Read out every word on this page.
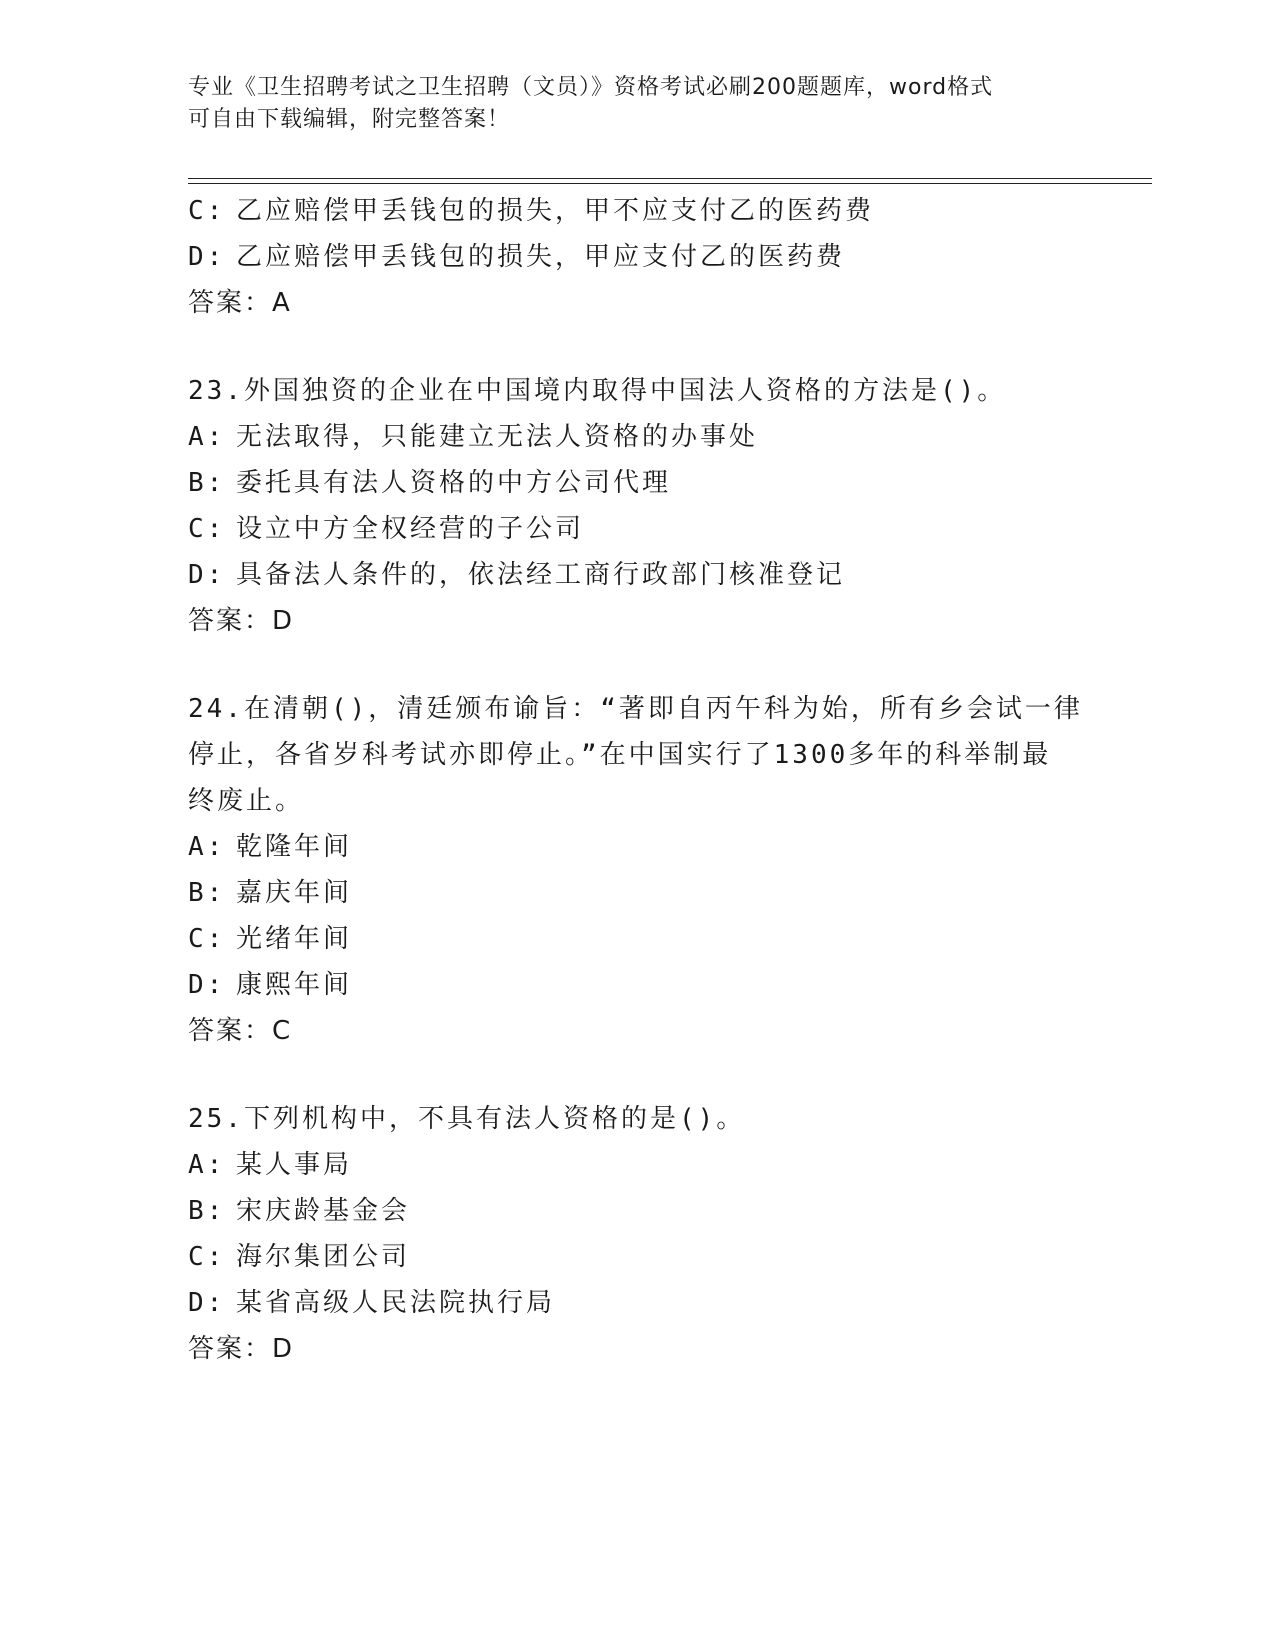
专业《卫生招聘考试之卫生招聘（文员）》资格考试必刷200题题库，word格式
可自由下载编辑，附完整答案！
C: 乙应赔偿甲丢钱包的损失，甲不应支付乙的医药费
D: 乙应赔偿甲丢钱包的损失，甲应支付乙的医药费
答案：A
23.外国独资的企业在中国境内取得中国法人资格的方法是()。
A: 无法取得，只能建立无法人资格的办事处
B: 委托具有法人资格的中方公司代理
C: 设立中方全权经营的子公司
D: 具备法人条件的，依法经工商行政部门核准登记
答案：D
24.在清朝()，清廷颁布谕旨：“著即自丙午科为始，所有乡会试一律
停止，各省岁科考试亦即停止。”在中国实行了1300多年的科举制最
终废止。
A: 乾隆年间
B: 嘉庆年间
C: 光绪年间
D: 康熙年间
答案：C
25.下列机构中，不具有法人资格的是()。
A: 某人事局
B: 宋庆龄基金会
C: 海尔集团公司
D: 某省高级人民法院执行局
答案：D
